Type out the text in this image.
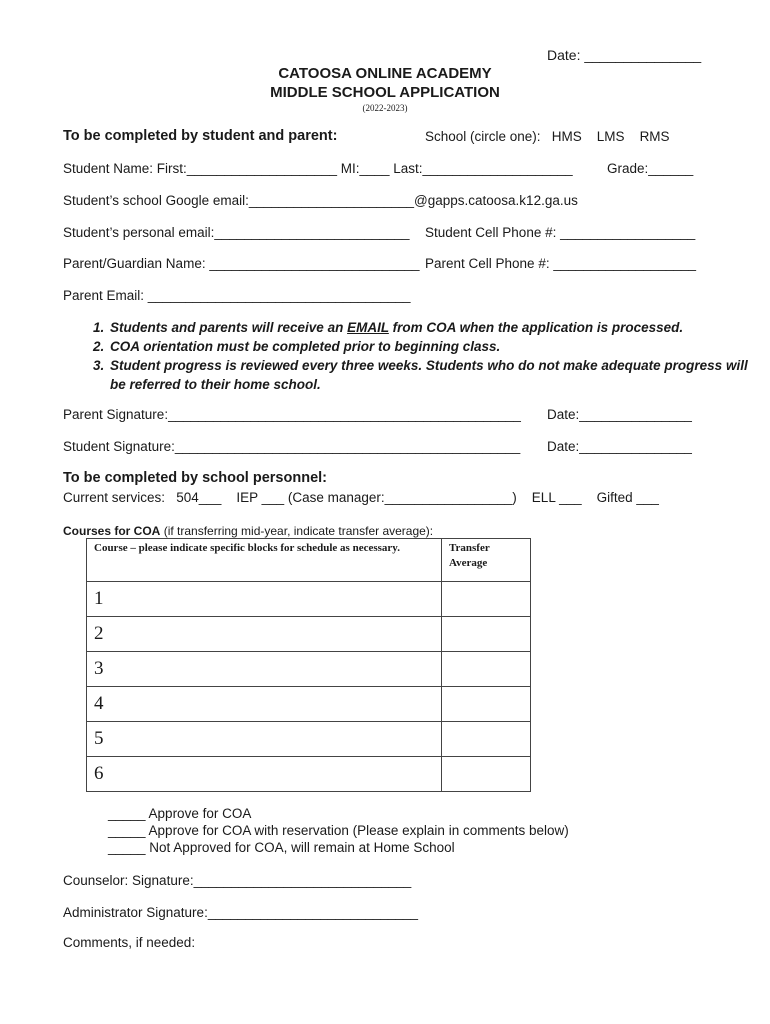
Date: _______________
CATOOSA ONLINE ACADEMY
MIDDLE SCHOOL APPLICATION
(2022-2023)
To be completed by student and parent:	School (circle one):   HMS    LMS    RMS
Student Name: First:____________________ MI:____ Last:____________________	Grade:______
Student’s school Google email:______________________@gapps.catoosa.k12.ga.us
Student’s personal email:__________________________ Student Cell Phone #: __________________
Parent/Guardian Name: ____________________________ Parent Cell Phone #: ___________________
Parent Email: ___________________________________
1. Students and parents will receive an EMAIL from COA when the application is processed.
2. COA orientation must be completed prior to beginning class.
3. Student progress is reviewed every three weeks. Students who do not make adequate progress will be referred to their home school.
Parent Signature:_______________________________________________ Date:_______________
Student Signature:______________________________________________ Date:_______________
To be completed by school personnel:
Current services:   504___    IEP ___ (Case manager:_________________)    ELL ___    Gifted ___
Courses for COA (if transferring mid-year, indicate transfer average):
Course – please indicate specific blocks for schedule as necessary.	Transfer Average
1	
2	
3	
4	
5	
6	
_____ Approve for COA
_____ Approve for COA with reservation (Please explain in comments below)
_____ Not Approved for COA, will remain at Home School
Counselor: Signature:_____________________________
Administrator Signature:____________________________
Comments, if needed:
